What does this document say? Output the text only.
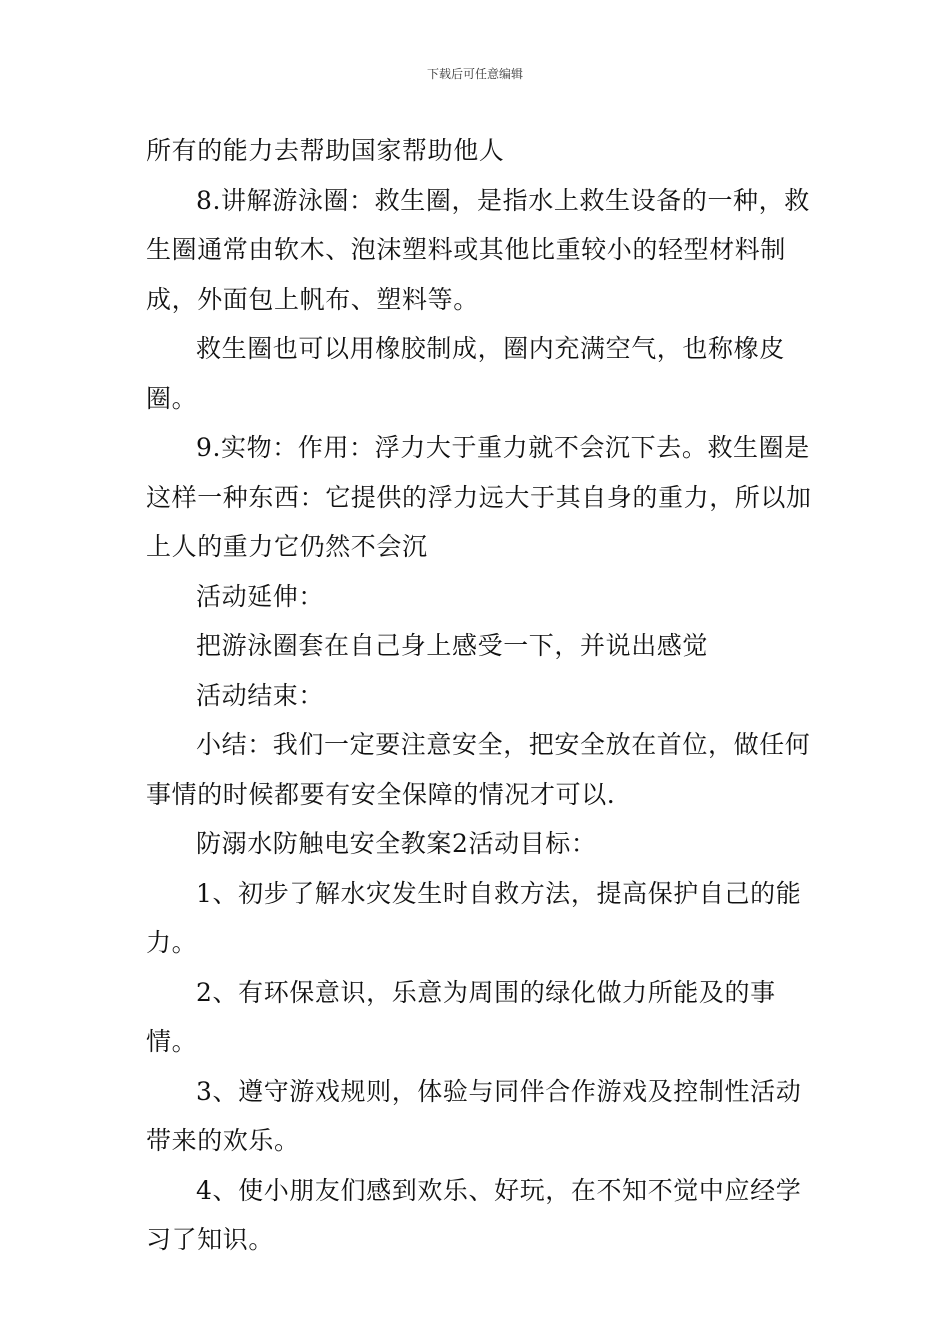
下载后可任意编辑

所有的能力去帮助国家帮助他人

8.讲解游泳圈：救生圈，是指水上救生设备的一种，救生圈通常由软木、泡沫塑料或其他比重较小的轻型材料制成，外面包上帆布、塑料等。

救生圈也可以用橡胶制成，圈内充满空气，也称橡皮圈。

9.实物：作用：浮力大于重力就不会沉下去。救生圈是这样一种东西：它提供的浮力远大于其自身的重力，所以加上人的重力它仍然不会沉

活动延伸：

把游泳圈套在自己身上感受一下，并说出感觉

活动结束：

小结：我们一定要注意安全，把安全放在首位，做任何事情的时候都要有安全保障的情况才可以.

防溺水防触电安全教案2活动目标：

1、初步了解水灾发生时自救方法，提高保护自己的能力。

2、有环保意识，乐意为周围的绿化做力所能及的事情。

3、遵守游戏规则，体验与同伴合作游戏及控制性活动带来的欢乐。

4、使小朋友们感到欢乐、好玩，在不知不觉中应经学习了知识。
